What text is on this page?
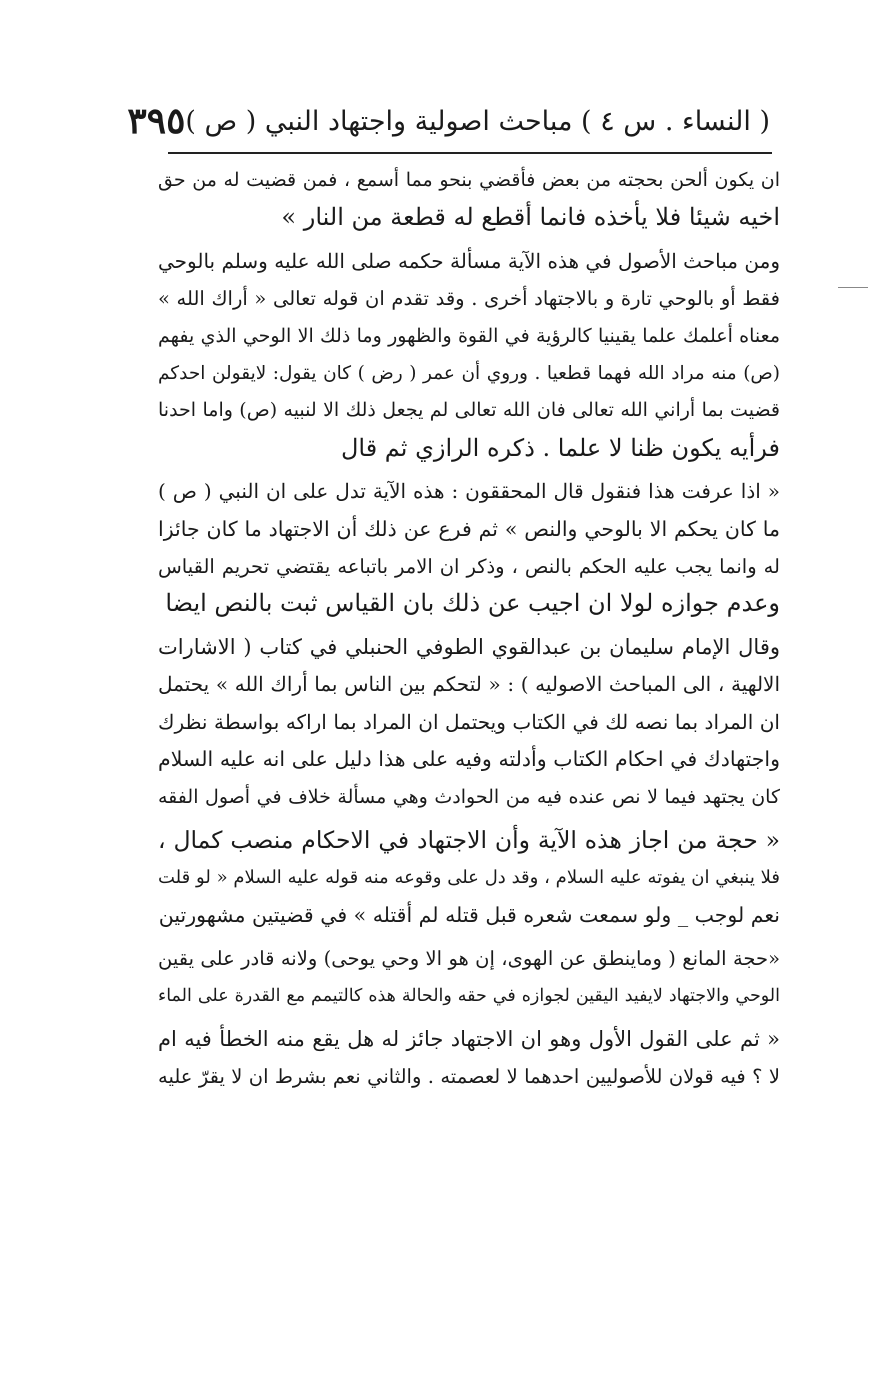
( النساء . س ٤ ) مباحث اصولية واجتهاد النبي ( ص )
٣٩٥
ان يكون ألحن بحجته من بعض فأقضي بنحو مما أسمع ، فمن قضيت له من حق
اخيه شيئا فلا يأخذه فانما أقطع له قطعة من النار »
ومن مباحث الأصول في هذه الآية مسألة حكمه صلى الله عليه وسلم بالوحي
فقط أو بالوحي تارة و بالاجتهاد أخرى . وقد تقدم ان قوله تعالى « أراك الله »
معناه أعلمك علما يقينيا كالرؤية في القوة والظهور وما ذلك الا الوحي الذي يفهم
(ص) منه مراد الله فهما قطعيا . وروي أن عمر ( رض ) كان يقول: لايقولن احدكم
قضيت بما أراني الله تعالى فان الله تعالى لم يجعل ذلك الا لنبيه (ص) واما احدنا
فرأيه يكون ظنا لا علما . ذكره الرازي ثم قال
« اذا عرفت هذا فنقول قال المحققون : هذه الآية تدل على ان النبي ( ص )
ما كان يحكم الا بالوحي والنص » ثم فرع عن ذلك أن الاجتهاد ما كان جائزا
له وانما يجب عليه الحكم بالنص ، وذكر ان الامر باتباعه يقتضي تحريم القياس
وعدم جوازه لولا ان اجيب عن ذلك بان القياس ثبت بالنص ايضا
وقال الإمام سليمان بن عبدالقوي الطوفي الحنبلي في كتاب ( الاشارات
الالهية ، الى المباحث الاصوليه ) : « لتحكم بين الناس بما أراك الله » يحتمل
ان المراد بما نصه لك في الكتاب ويحتمل ان المراد بما اراكه بواسطة نظرك
واجتهادك في احكام الكتاب وأدلته وفيه على هذا دليل على انه عليه السلام
كان يجتهد فيما لا نص عنده فيه من الحوادث وهي مسألة خلاف في أصول الفقه
« حجة من اجاز هذه الآية وأن الاجتهاد في الاحكام منصب كمال ،
فلا ينبغي ان يفوته عليه السلام ، وقد دل على وقوعه منه قوله عليه السلام « لو قلت
نعم لوجب _ ولو سمعت شعره قبل قتله لم أقتله » في قضيتين مشهورتين
«حجة المانع ( وماينطق عن الهوى، إن هو الا وحي يوحى) ولانه قادر على يقين
الوحي والاجتهاد لايفيد اليقين لجوازه في حقه والحالة هذه كالتيمم مع القدرة على الماء
« ثم على القول الأول وهو ان الاجتهاد جائز له هل يقع منه الخطأ فيه ام
لا ؟ فيه قولان للأصوليين احدهما لا لعصمته . والثاني نعم بشرط ان لا يقرّ عليه
